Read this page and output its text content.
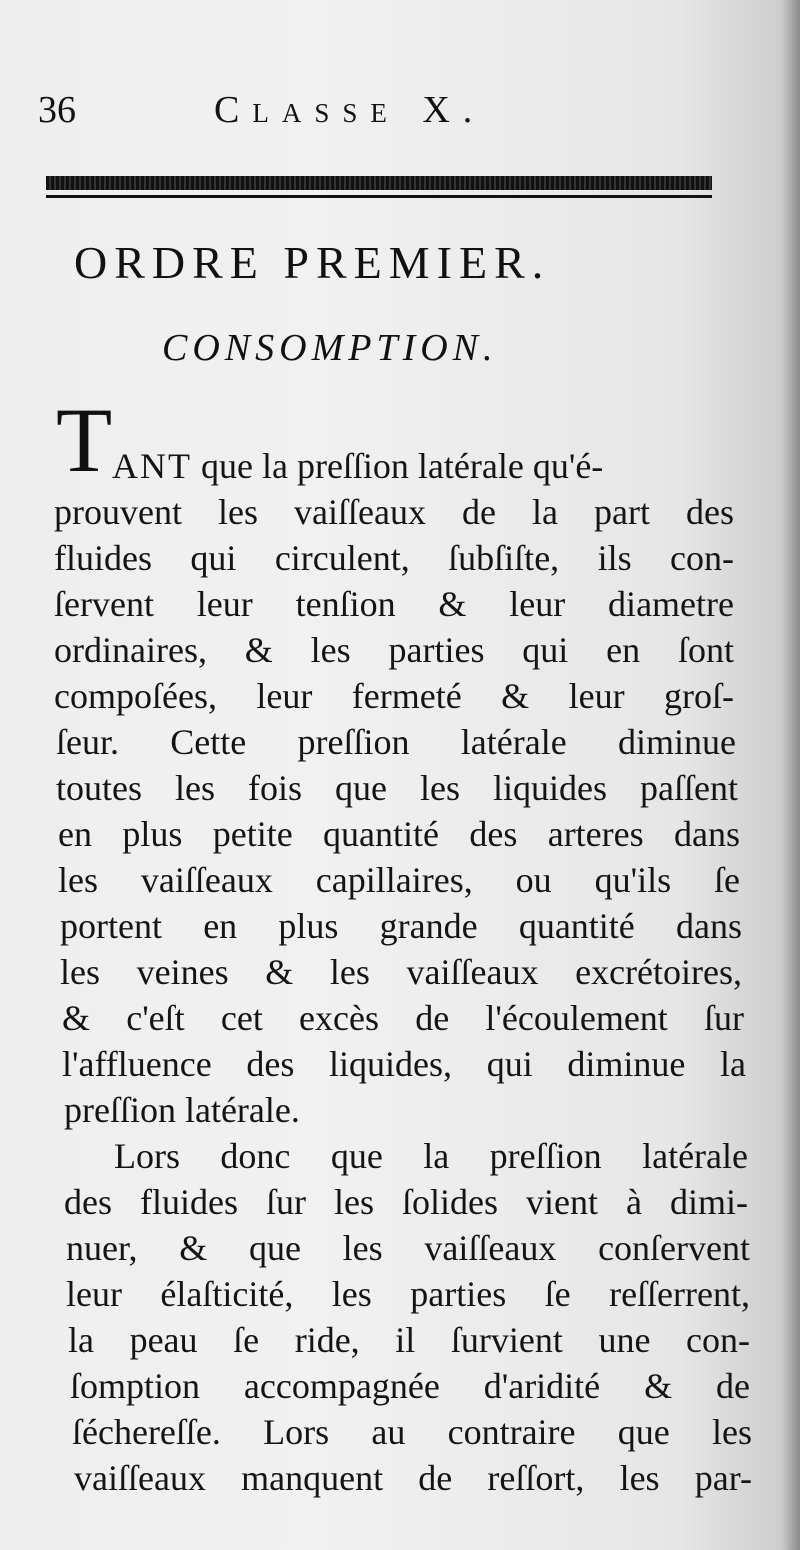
36	Classe X.
ORDRE PREMIER.
CONSOMPTION.
T ANT que la preſſion latérale qu'é-
prouvent les vaiſſeaux de la part des
fluides qui circulent, ſubſiſte, ils con-
ſervent leur tenſion & leur diametre
ordinaires, & les parties qui en ſont
compoſées, leur fermeté & leur groſ-
ſeur. Cette preſſion latérale diminue
toutes les fois que les liquides paſſent
en plus petite quantité des arteres dans
les vaiſſeaux capillaires, ou qu'ils ſe
portent en plus grande quantité dans
les veines & les vaiſſeaux excrétoires,
& c'eſt cet excès de l'écoulement ſur
l'affluence des liquides, qui diminue la
preſſion latérale.
Lors donc que la preſſion latérale
des fluides ſur les ſolides vient à dimi-
nuer, & que les vaiſſeaux conſervent
leur élaſticité, les parties ſe reſſerrent,
la peau ſe ride, il ſurvient une con-
ſomption accompagnée d'aridité & de
ſéchereſſe. Lors au contraire que les
vaiſſeaux manquent de reſſort, les par-
